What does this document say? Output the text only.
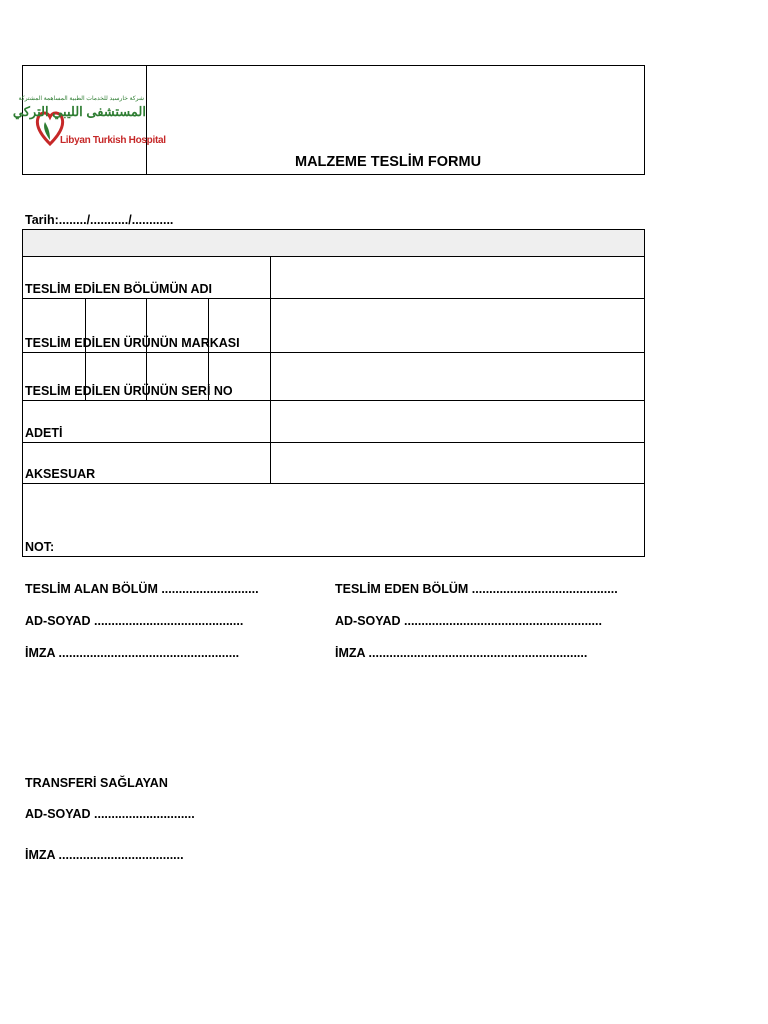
شركة خارسيد للخدمات الطبية المساهمة المشتركة
المستشفى الليبي التركي
Libyan Turkish Hospital
MALZEME TESLİM FORMU
Tarih:......../.........../............
TESLİM EDİLEN BÖLÜMÜN ADI
TESLİM EDİLEN ÜRÜNÜN MARKASI
TESLİM EDİLEN ÜRÜNÜN SERİ NO
ADETİ
AKSESUAR
NOT:
TESLİM ALAN BÖLÜM ............................
AD-SOYAD ...........................................
İMZA ....................................................
TESLİM EDEN BÖLÜM ..........................................
AD-SOYAD .........................................................
İMZA ...............................................................
TRANSFERİ SAĞLAYAN
AD-SOYAD .............................
İMZA ....................................
